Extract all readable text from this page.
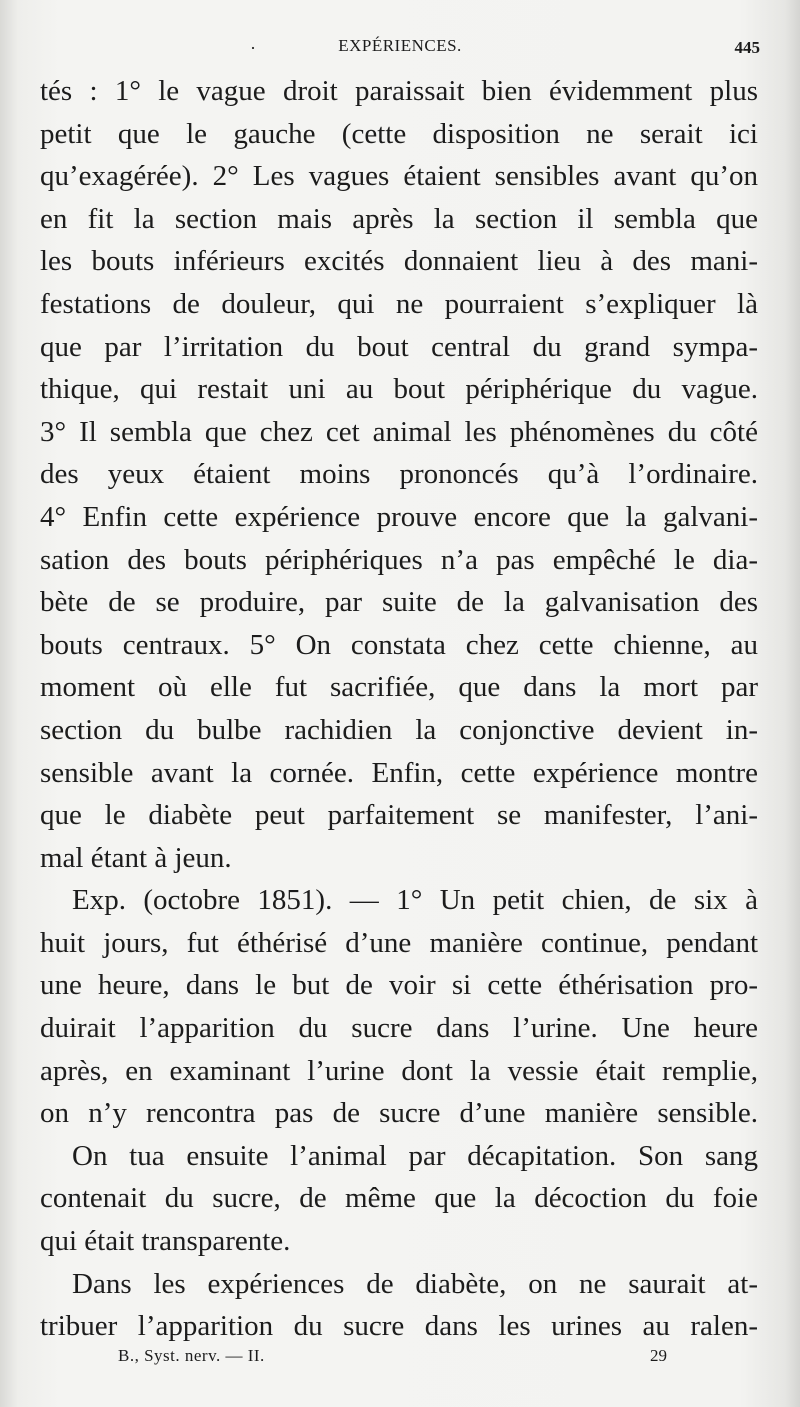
·	EXPÉRIENCES.	445
tés : 1° le vague droit paraissait bien évidemment plus
petit que le gauche (cette disposition ne serait ici
qu’exagérée). 2° Les vagues étaient sensibles avant qu’on
en fit la section mais après la section il sembla que
les bouts inférieurs excités donnaient lieu à des mani-
festations de douleur, qui ne pourraient s’expliquer là
que par l’irritation du bout central du grand sympa-
thique, qui restait uni au bout périphérique du vague.
3° Il sembla que chez cet animal les phénomènes du côté
des yeux étaient moins prononcés qu’à l’ordinaire.
4° Enfin cette expérience prouve encore que la galvani-
sation des bouts périphériques n’a pas empêché le dia-
bète de se produire, par suite de la galvanisation des
bouts centraux. 5° On constata chez cette chienne, au
moment où elle fut sacrifiée, que dans la mort par
section du bulbe rachidien la conjonctive devient in-
sensible avant la cornée. Enfin, cette expérience montre
que le diabète peut parfaitement se manifester, l’ani-
mal étant à jeun.
Exp. (octobre 1851). — 1° Un petit chien, de six à
huit jours, fut éthérisé d’une manière continue, pendant
une heure, dans le but de voir si cette éthérisation pro-
duirait l’apparition du sucre dans l’urine. Une heure
après, en examinant l’urine dont la vessie était remplie,
on n’y rencontra pas de sucre d’une manière sensible.
On tua ensuite l’animal par décapitation. Son sang
contenait du sucre, de même que la décoction du foie
qui était transparente.
Dans les expériences de diabète, on ne saurait at-
tribuer l’apparition du sucre dans les urines au ralen-
B., Syst. nerv. — II.	29
